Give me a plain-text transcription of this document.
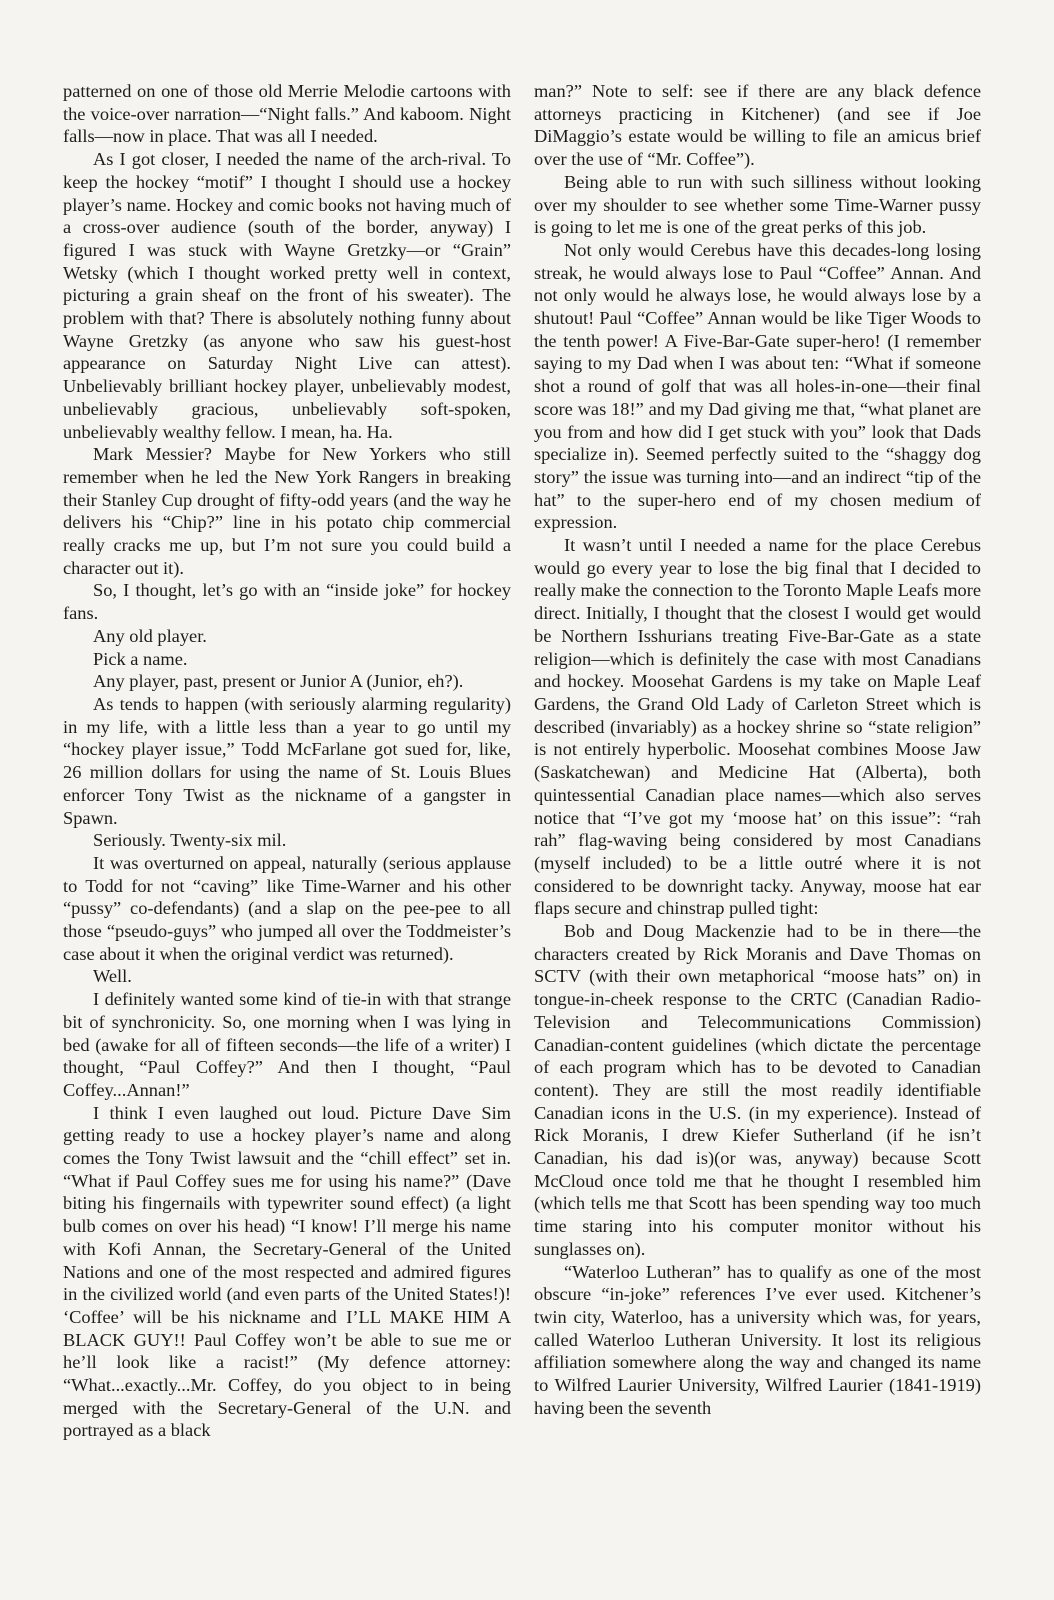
patterned on one of those old Merrie Melodie cartoons with the voice-over narration—“Night falls.” And kaboom. Night falls—now in place. That was all I needed.

As I got closer, I needed the name of the arch-rival. To keep the hockey “motif” I thought I should use a hockey player’s name. Hockey and comic books not having much of a cross-over audience (south of the border, anyway) I figured I was stuck with Wayne Gretzky—or “Grain” Wetsky (which I thought worked pretty well in context, picturing a grain sheaf on the front of his sweater). The problem with that? There is absolutely nothing funny about Wayne Gretzky (as anyone who saw his guest-host appearance on Saturday Night Live can attest). Unbelievably brilliant hockey player, unbelievably modest, unbelievably gracious, unbelievably soft-spoken, unbelievably wealthy fellow. I mean, ha. Ha.

Mark Messier? Maybe for New Yorkers who still remember when he led the New York Rangers in breaking their Stanley Cup drought of fifty-odd years (and the way he delivers his “Chip?” line in his potato chip commercial really cracks me up, but I’m not sure you could build a character out it).

So, I thought, let’s go with an “inside joke” for hockey fans.

Any old player.

Pick a name.

Any player, past, present or Junior A (Junior, eh?).

As tends to happen (with seriously alarming regularity) in my life, with a little less than a year to go until my “hockey player issue,” Todd McFarlane got sued for, like, 26 million dollars for using the name of St. Louis Blues enforcer Tony Twist as the nickname of a gangster in Spawn.

Seriously. Twenty-six mil.

It was overturned on appeal, naturally (serious applause to Todd for not “caving” like Time-Warner and his other “pussy” co-defendants) (and a slap on the pee-pee to all those “pseudo-guys” who jumped all over the Toddmeister’s case about it when the original verdict was returned).

Well.

I definitely wanted some kind of tie-in with that strange bit of synchronicity. So, one morning when I was lying in bed (awake for all of fifteen seconds—the life of a writer) I thought, “Paul Coffey?” And then I thought, “Paul Coffey...Annan!”

I think I even laughed out loud. Picture Dave Sim getting ready to use a hockey player’s name and along comes the Tony Twist lawsuit and the “chill effect” set in. “What if Paul Coffey sues me for using his name?” (Dave biting his fingernails with typewriter sound effect) (a light bulb comes on over his head) “I know! I’ll merge his name with Kofi Annan, the Secretary-General of the United Nations and one of the most respected and admired figures in the civilized world (and even parts of the United States!)! ‘Coffee’ will be his nickname and I’LL MAKE HIM A BLACK GUY!! Paul Coffey won’t be able to sue me or he’ll look like a racist!” (My defence attorney: “What...exactly...Mr. Coffey, do you object to in being merged with the Secretary-General of the U.N. and portrayed as a black

man?” Note to self: see if there are any black defence attorneys practicing in Kitchener) (and see if Joe DiMaggio’s estate would be willing to file an amicus brief over the use of “Mr. Coffee”).

Being able to run with such silliness without looking over my shoulder to see whether some Time-Warner pussy is going to let me is one of the great perks of this job.

Not only would Cerebus have this decades-long losing streak, he would always lose to Paul “Coffee” Annan. And not only would he always lose, he would always lose by a shutout! Paul “Coffee” Annan would be like Tiger Woods to the tenth power! A Five-Bar-Gate super-hero! (I remember saying to my Dad when I was about ten: “What if someone shot a round of golf that was all holes-in-one—their final score was 18!” and my Dad giving me that, “what planet are you from and how did I get stuck with you” look that Dads specialize in). Seemed perfectly suited to the “shaggy dog story” the issue was turning into—and an indirect “tip of the hat” to the super-hero end of my chosen medium of expression.

It wasn’t until I needed a name for the place Cerebus would go every year to lose the big final that I decided to really make the connection to the Toronto Maple Leafs more direct. Initially, I thought that the closest I would get would be Northern Isshurians treating Five-Bar-Gate as a state religion—which is definitely the case with most Canadians and hockey. Moosehat Gardens is my take on Maple Leaf Gardens, the Grand Old Lady of Carleton Street which is described (invariably) as a hockey shrine so “state religion” is not entirely hyperbolic. Moosehat combines Moose Jaw (Saskatchewan) and Medicine Hat (Alberta), both quintessential Canadian place names—which also serves notice that “I’ve got my ‘moose hat’ on this issue”: “rah rah” flag-waving being considered by most Canadians (myself included) to be a little outré where it is not considered to be downright tacky. Anyway, moose hat ear flaps secure and chinstrap pulled tight:

Bob and Doug Mackenzie had to be in there—the characters created by Rick Moranis and Dave Thomas on SCTV (with their own metaphorical “moose hats” on) in tongue-in-cheek response to the CRTC (Canadian Radio-Television and Telecommunications Commission) Canadian-content guidelines (which dictate the percentage of each program which has to be devoted to Canadian content). They are still the most readily identifiable Canadian icons in the U.S. (in my experience). Instead of Rick Moranis, I drew Kiefer Sutherland (if he isn’t Canadian, his dad is)(or was, anyway) because Scott McCloud once told me that he thought I resembled him (which tells me that Scott has been spending way too much time staring into his computer monitor without his sunglasses on).

“Waterloo Lutheran” has to qualify as one of the most obscure “in-joke” references I’ve ever used. Kitchener’s twin city, Waterloo, has a university which was, for years, called Waterloo Lutheran University. It lost its religious affiliation somewhere along the way and changed its name to Wilfred Laurier University, Wilfred Laurier (1841-1919) having been the seventh
